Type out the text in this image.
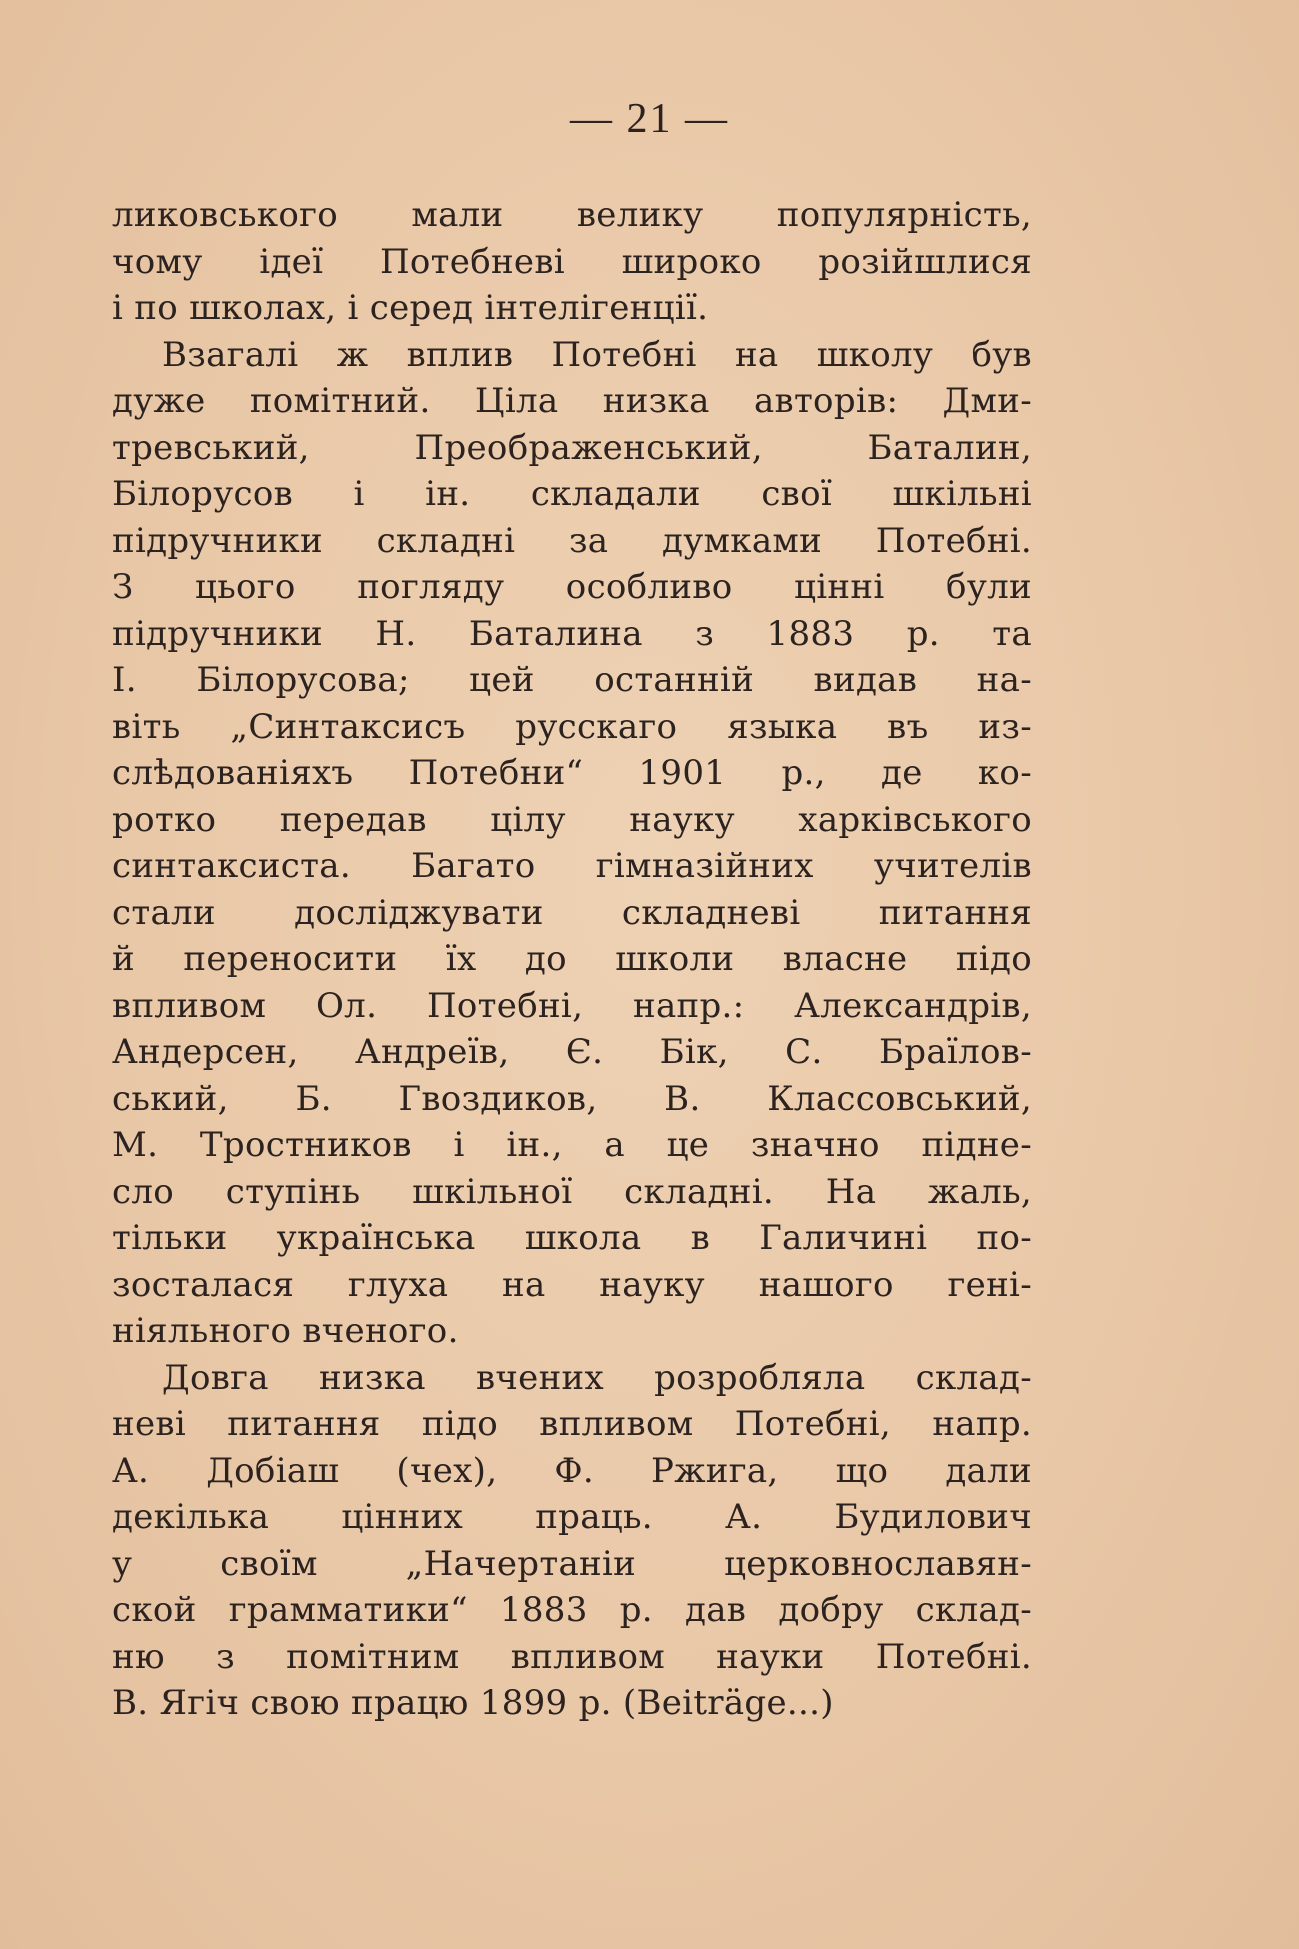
— 21 —
ликовського мали велику популярність,
чому ідеї Потебневі широко розійшлися
і по школах, і серед інтелігенції.
Взагалі ж вплив Потебні на школу був
дуже помітний. Ціла низка авторів: Дми-
тревський, Преображенський, Баталин,
Білорусов і ін. складали свої шкільні
підручники складні за думками Потебні.
З цього погляду особливо цінні були
підручники Н. Баталина з 1883 р. та
І. Білорусова; цей останній видав на-
віть „Синтаксисъ русскаго языка въ из-
слѣдованіяхъ Потебни“ 1901 р., де ко-
ротко передав цілу науку харківського
синтаксиста. Багато гімназійних учителів
стали досліджувати складневі питання
й переносити їх до школи власне підо
впливом Ол. Потебні, напр.: Александрів,
Андерсен, Андреїв, Є. Бік, С. Браїлов-
ський, Б. Гвоздиков, В. Классовський,
М. Тростников і ін., а це значно підне-
сло ступінь шкільної складні. На жаль,
тільки українська школа в Галичині по-
зосталася глуха на науку нашого гені-
ніяльного вченого.
Довга низка вчених розробляла склад-
неві питання підо впливом Потебні, напр.
А. Добіаш (чех), Ф. Ржига, що дали
декілька цінних праць. А. Будилович
у своїм „Начертаніи церковнославян-
ской грамматики“ 1883 р. дав добру склад-
ню з помітним впливом науки Потебні.
В. Ягіч свою працю 1899 р. (Beiträge...)
